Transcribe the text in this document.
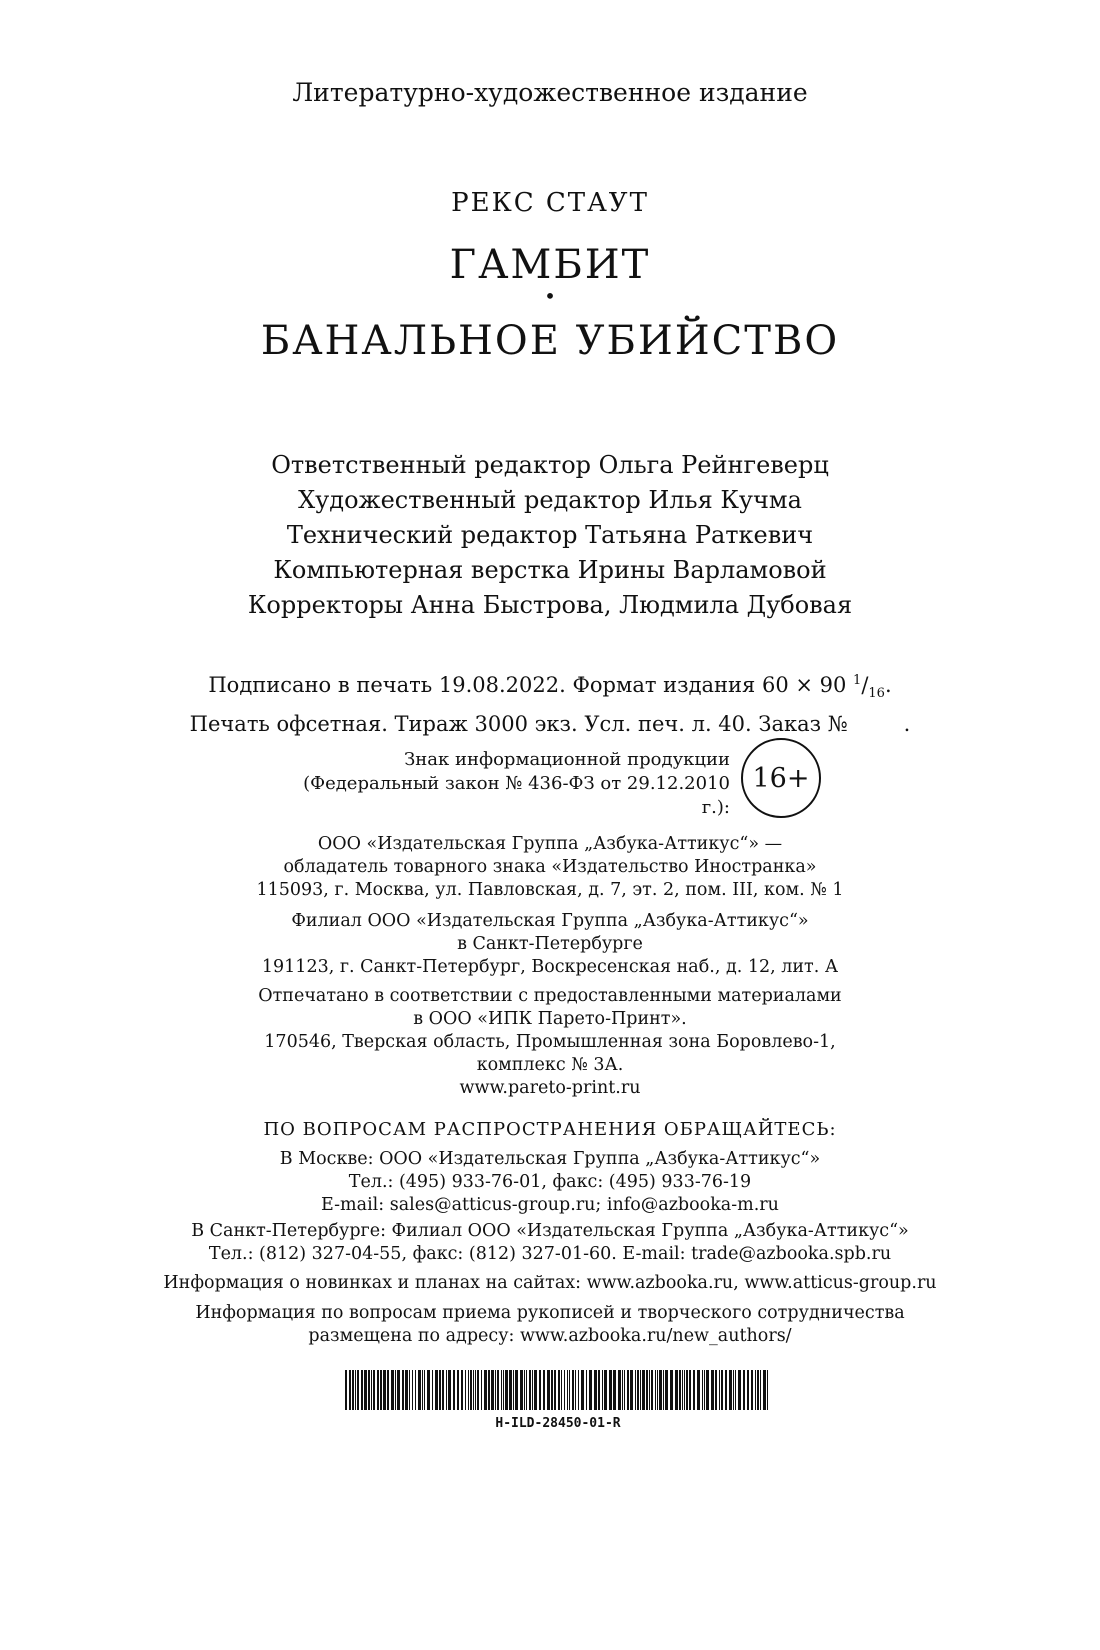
Литературно-художественное издание
РЕКС СТАУТ
ГАМБИТ
•
БАНАЛЬНОЕ УБИЙСТВО
Ответственный редактор Ольга Рейнгеверц
Художественный редактор Илья Кучма
Технический редактор Татьяна Раткевич
Компьютерная верстка Ирины Варламовой
Корректоры Анна Быстрова, Людмила Дубовая
Подписано в печать 19.08.2022. Формат издания 60 × 90 $^1/_{16}$.
Печать офсетная. Тираж 3000 экз. Усл. печ. л. 40. Заказ №	.
Знак информационной продукции
(Федеральный закон № 436-ФЗ от 29.12.2010 г.):
16+
ООО «Издательская Группа „Азбука-Аттикус“» —
обладатель товарного знака «Издательство Иностранка»
115093, г. Москва, ул. Павловская, д. 7, эт. 2, пом. III, ком. № 1
Филиал ООО «Издательская Группа „Азбука-Аттикус“»
в Санкт-Петербурге
191123, г. Санкт-Петербург, Воскресенская наб., д. 12, лит. А
Отпечатано в соответствии с предоставленными материалами
в ООО «ИПК Парето-Принт».
170546, Тверская область, Промышленная зона Боровлево-1,
комплекс № 3А.
www.pareto-print.ru
ПО ВОПРОСАМ РАСПРОСТРАНЕНИЯ ОБРАЩАЙТЕСЬ:
В Москве: ООО «Издательская Группа „Азбука-Аттикус“»
Тел.: (495) 933-76-01, факс: (495) 933-76-19
E-mail: sales@atticus-group.ru; info@azbooka-m.ru
В Санкт-Петербурге: Филиал ООО «Издательская Группа „Азбука-Аттикус“»
Тел.: (812) 327-04-55, факс: (812) 327-01-60. E-mail: trade@azbooka.spb.ru
Информация о новинках и планах на сайтах: www.azbooka.ru, www.atticus-group.ru
Информация по вопросам приема рукописей и творческого сотрудничества
размещена по адресу: www.azbooka.ru/new_authors/
H-ILD-28450-01-R
